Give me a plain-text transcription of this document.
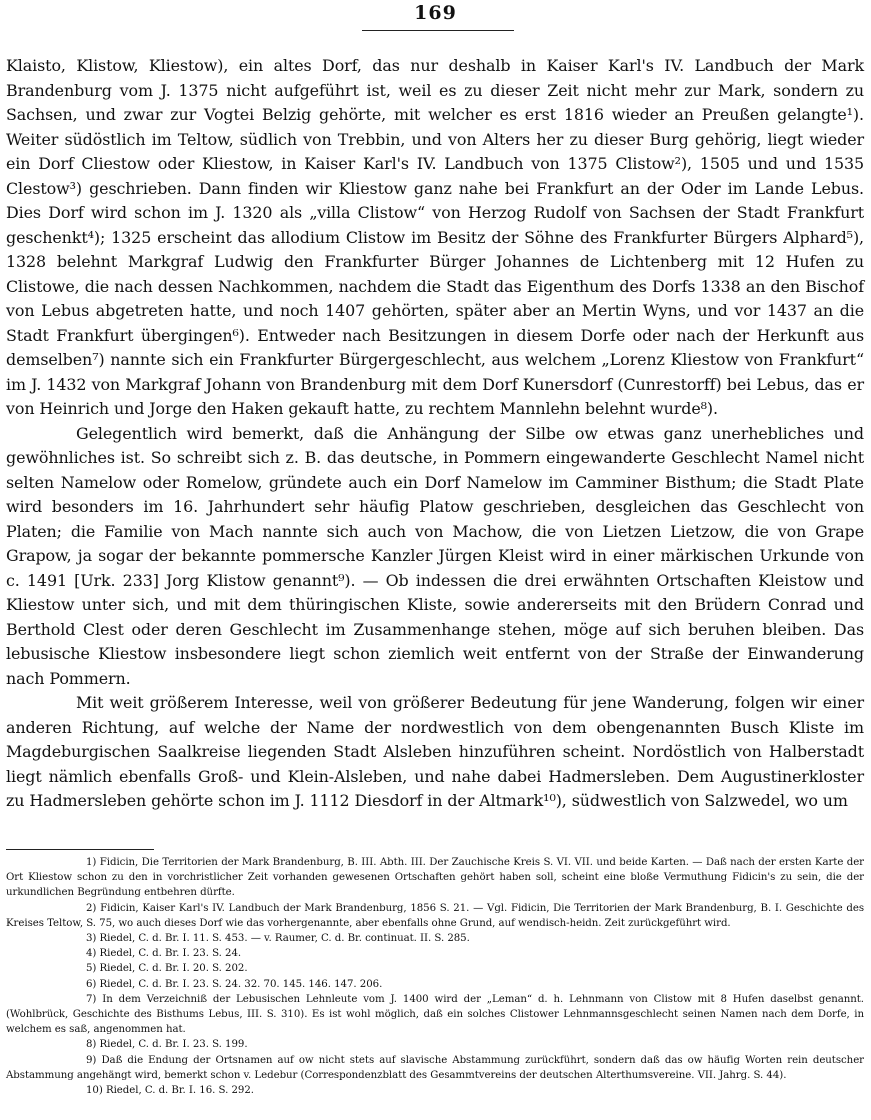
169

Klaisto, Klistow, Kliestow), ein altes Dorf, das nur deshalb in Kaiser Karl's IV. Landbuch der Mark Brandenburg vom J. 1375 nicht aufgeführt ist, weil es zu dieser Zeit nicht mehr zur Mark, sondern zu Sachsen, und zwar zur Vogtei Belzig gehörte, mit welcher es erst 1816 wieder an Preußen gelangte¹). Weiter südöstlich im Teltow, südlich von Trebbin, und von Alters her zu dieser Burg gehörig, liegt wieder ein Dorf Cliestow oder Kliestow, in Kaiser Karl's IV. Landbuch von 1375 Clistow²), 1505 und und 1535 Clestow³) geschrieben. Dann finden wir Kliestow ganz nahe bei Frankfurt an der Oder im Lande Lebus. Dies Dorf wird schon im J. 1320 als „villa Clistow“ von Herzog Rudolf von Sachsen der Stadt Frankfurt geschenkt⁴); 1325 erscheint das allodium Clistow im Besitz der Söhne des Frankfurter Bürgers Alphard⁵), 1328 belehnt Markgraf Ludwig den Frankfurter Bürger Johannes de Lichtenberg mit 12 Hufen zu Clistowe, die nach dessen Nachkommen, nachdem die Stadt das Eigenthum des Dorfs 1338 an den Bischof von Lebus abgetreten hatte, und noch 1407 gehörten, später aber an Mertin Wyns, und vor 1437 an die Stadt Frankfurt übergingen⁶). Entweder nach Besitzungen in diesem Dorfe oder nach der Herkunft aus demselben⁷) nannte sich ein Frankfurter Bürgergeschlecht, aus welchem „Lorenz Kliestow von Frankfurt“ im J. 1432 von Markgraf Johann von Brandenburg mit dem Dorf Kunersdorf (Cunrestorff) bei Lebus, das er von Heinrich und Jorge den Haken gekauft hatte, zu rechtem Mannlehn belehnt wurde⁸).

Gelegentlich wird bemerkt, daß die Anhängung der Silbe ow etwas ganz unerhebliches und gewöhnliches ist. So schreibt sich z. B. das deutsche, in Pommern eingewanderte Geschlecht Namel nicht selten Namelow oder Romelow, gründete auch ein Dorf Namelow im Camminer Bisthum; die Stadt Plate wird besonders im 16. Jahrhundert sehr häufig Platow geschrieben, desgleichen das Geschlecht von Platen; die Familie von Mach nannte sich auch von Machow, die von Lietzen Lietzow, die von Grape Grapow, ja sogar der bekannte pommersche Kanzler Jürgen Kleist wird in einer märkischen Urkunde von c. 1491 [Urk. 233] Jorg Klistow genannt⁹). — Ob indessen die drei erwähnten Ortschaften Kleistow und Kliestow unter sich, und mit dem thüringischen Kliste, sowie andererseits mit den Brüdern Conrad und Berthold Clest oder deren Geschlecht im Zusammenhange stehen, möge auf sich beruhen bleiben. Das lebusische Kliestow insbesondere liegt schon ziemlich weit entfernt von der Straße der Einwanderung nach Pommern.

Mit weit größerem Interesse, weil von größerer Bedeutung für jene Wanderung, folgen wir einer anderen Richtung, auf welche der Name der nordwestlich von dem obengenannten Busch Kliste im Magdeburgischen Saalkreise liegenden Stadt Alsleben hinzuführen scheint. Nordöstlich von Halberstadt liegt nämlich ebenfalls Groß- und Klein-Alsleben, und nahe dabei Hadmersleben. Dem Augustinerkloster zu Hadmersleben gehörte schon im J. 1112 Diesdorf in der Altmark¹⁰), südwestlich von Salzwedel, wo um

1) Fidicin, Die Territorien der Mark Brandenburg, B. III. Abth. III. Der Zauchische Kreis S. VI. VII. und beide Karten. — Daß nach der ersten Karte der Ort Kliestow schon zu den in vorchristlicher Zeit vorhanden gewesenen Ortschaften gehört haben soll, scheint eine bloße Vermuthung Fidicin's zu sein, die der urkundlichen Begründung entbehren dürfte.

2) Fidicin, Kaiser Karl's IV. Landbuch der Mark Brandenburg, 1856 S. 21. — Vgl. Fidicin, Die Territorien der Mark Brandenburg, B. I. Geschichte des Kreises Teltow, S. 75, wo auch dieses Dorf wie das vorhergenannte, aber ebenfalls ohne Grund, auf wendisch-heidn. Zeit zurückgeführt wird.

3) Riedel, C. d. Br. I. 11. S. 453. — v. Raumer, C. d. Br. continuat. II. S. 285.

4) Riedel, C. d. Br. I. 23. S. 24.

5) Riedel, C. d. Br. I. 20. S. 202.

6) Riedel, C. d. Br. I. 23. S. 24. 32. 70. 145. 146. 147. 206.

7) In dem Verzeichniß der Lebusischen Lehnleute vom J. 1400 wird der „Leman“ d. h. Lehnmann von Clistow mit 8 Hufen daselbst genannt. (Wohlbrück, Geschichte des Bisthums Lebus, III. S. 310). Es ist wohl möglich, daß ein solches Clistower Lehnmannsgeschlecht seinen Namen nach dem Dorfe, in welchem es saß, angenommen hat.

8) Riedel, C. d. Br. I. 23. S. 199.

9) Daß die Endung der Ortsnamen auf ow nicht stets auf slavische Abstammung zurückführt, sondern daß das ow häufig Worten rein deutscher Abstammung angehängt wird, bemerkt schon v. Ledebur (Correspondenzblatt des Gesammtvereins der deutschen Alterthumsvereine. VII. Jahrg. S. 44).

10) Riedel, C. d. Br. I. 16. S. 292.
